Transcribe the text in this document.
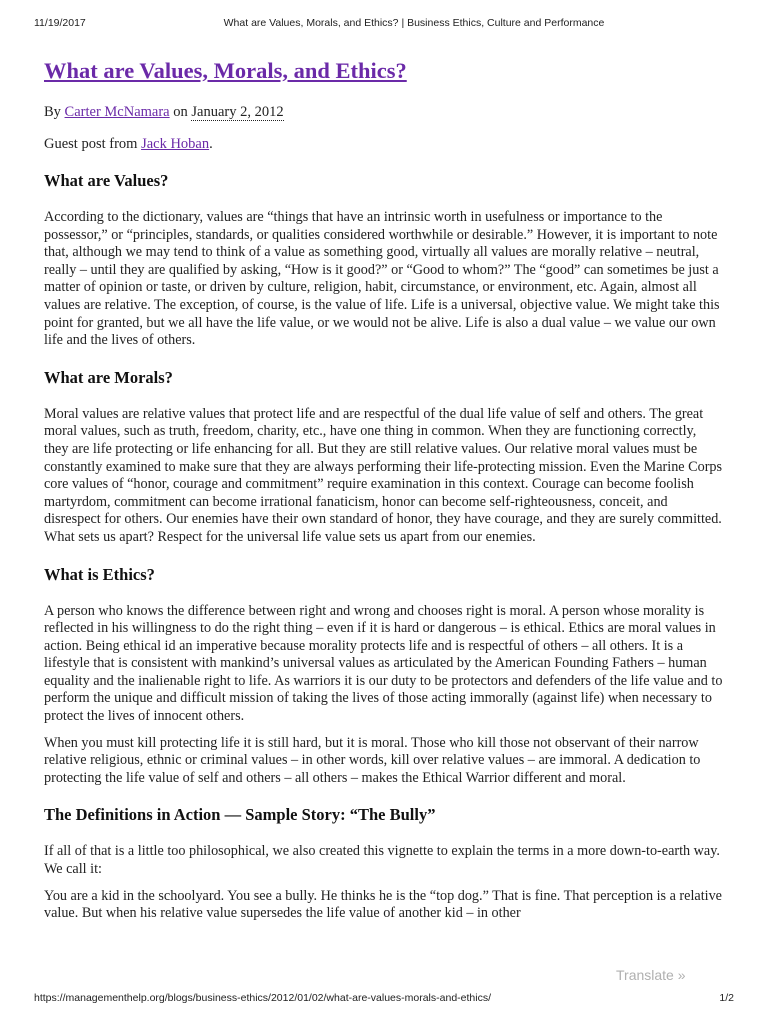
11/19/2017	What are Values, Morals, and Ethics? | Business Ethics, Culture and Performance
What are Values, Morals, and Ethics?
By Carter McNamara on January 2, 2012
Guest post from Jack Hoban.
What are Values?

According to the dictionary, values are “things that have an intrinsic worth in usefulness or importance to the possessor,” or “principles, standards, or qualities considered worthwhile or desirable.” However, it is important to note that, although we may tend to think of a value as something good, virtually all values are morally relative – neutral, really – until they are qualified by asking, “How is it good?” or “Good to whom?” The “good” can sometimes be just a matter of opinion or taste, or driven by culture, religion, habit, circumstance, or environment, etc. Again, almost all values are relative. The exception, of course, is the value of life. Life is a universal, objective value. We might take this point for granted, but we all have the life value, or we would not be alive. Life is also a dual value – we value our own life and the lives of others.

What are Morals?

Moral values are relative values that protect life and are respectful of the dual life value of self and others. The great moral values, such as truth, freedom, charity, etc., have one thing in common. When they are functioning correctly, they are life protecting or life enhancing for all. But they are still relative values. Our relative moral values must be constantly examined to make sure that they are always performing their life-protecting mission. Even the Marine Corps core values of “honor, courage and commitment” require examination in this context. Courage can become foolish martyrdom, commitment can become irrational fanaticism, honor can become self-righteousness, conceit, and disrespect for others. Our enemies have their own standard of honor, they have courage, and they are surely committed. What sets us apart? Respect for the universal life value sets us apart from our enemies.

What is Ethics?

A person who knows the difference between right and wrong and chooses right is moral. A person whose morality is reflected in his willingness to do the right thing – even if it is hard or dangerous – is ethical. Ethics are moral values in action. Being ethical id an imperative because morality protects life and is respectful of others – all others. It is a lifestyle that is consistent with mankind’s universal values as articulated by the American Founding Fathers – human equality and the inalienable right to life. As warriors it is our duty to be protectors and defenders of the life value and to perform the unique and difficult mission of taking the lives of those acting immorally (against life) when necessary to protect the lives of innocent others.

When you must kill protecting life it is still hard, but it is moral. Those who kill those not observant of their narrow relative religious, ethnic or criminal values – in other words, kill over relative values – are immoral. A dedication to protecting the life value of self and others – all others – makes the Ethical Warrior different and moral.

The Definitions in Action — Sample Story: “The Bully”

If all of that is a little too philosophical, we also created this vignette to explain the terms in a more down-to-earth way. We call it:

You are a kid in the schoolyard. You see a bully. He thinks he is the “top dog.” That is fine. That perception is a relative value. But when his relative value supersedes the life value of another kid – in other

Translate »
https://managementhelp.org/blogs/business-ethics/2012/01/02/what-are-values-morals-and-ethics/	1/2
